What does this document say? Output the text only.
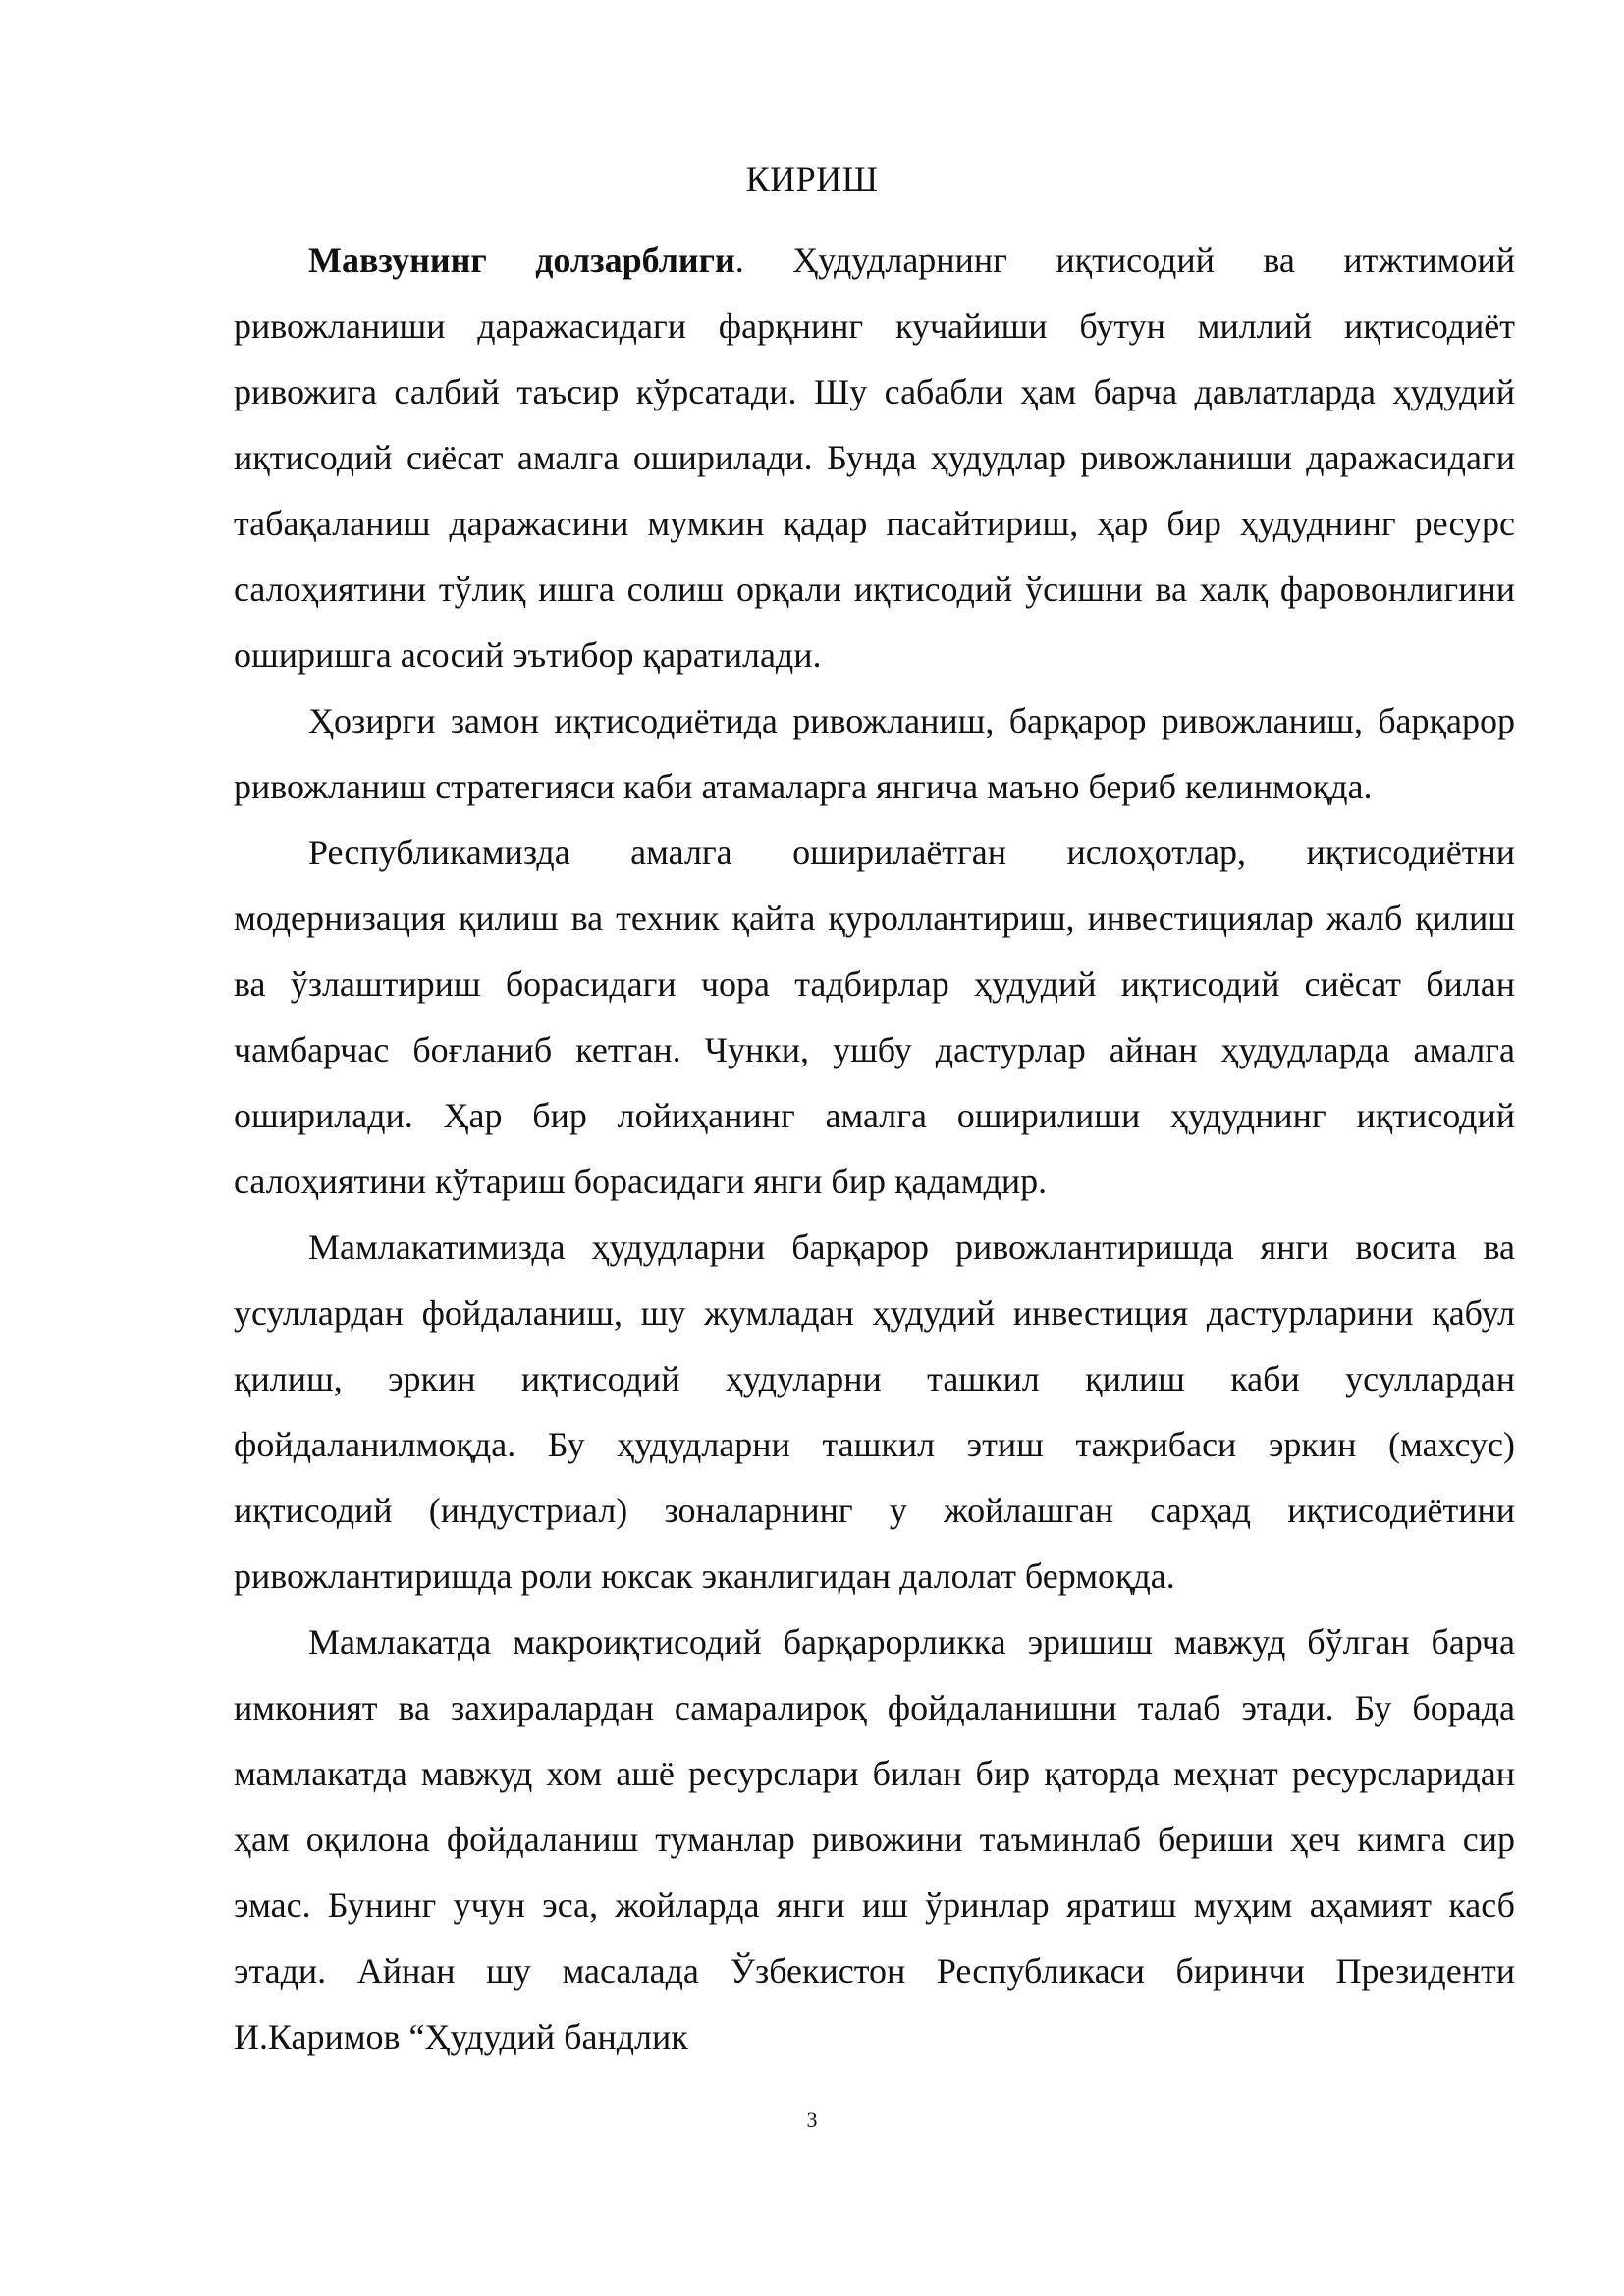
КИРИШ

Мавзунинг долзарблиги. Ҳудудларнинг иқтисодий ва итжтимоий ривожланиши даражасидаги фарқнинг кучайиши бутун миллий иқтисодиёт ривожига салбий таъсир кўрсатади. Шу сабабли ҳам барча давлатларда ҳудудий иқтисодий сиёсат амалга оширилади. Бунда ҳудудлар ривожланиши даражасидаги табақаланиш даражасини мумкин қадар пасайтириш, ҳар бир ҳудуднинг ресурс салоҳиятини тўлиқ ишга солиш орқали иқтисодий ўсишни ва халқ фаровонлигини оширишга асосий эътибор қаратилади.

Ҳозирги замон иқтисодиётида ривожланиш, барқарор ривожланиш, барқарор ривожланиш стратегияси каби атамаларга янгича маъно бериб келинмоқда.

Республикамизда амалга оширилаётган ислоҳотлар, иқтисодиётни модернизация қилиш ва техник қайта қуроллантириш, инвестициялар жалб қилиш ва ўзлаштириш борасидаги чора тадбирлар ҳудудий иқтисодий сиёсат билан чамбарчас боғланиб кетган. Чунки, ушбу дастурлар айнан ҳудудларда амалга оширилади. Ҳар бир лойиҳанинг амалга оширилиши ҳудуднинг иқтисодий салоҳиятини кўтариш борасидаги янги бир қадамдир.

Мамлакатимизда ҳудудларни барқарор ривожлантиришда янги восита ва усуллардан фойдаланиш, шу жумладан ҳудудий инвестиция дастурларини қабул қилиш, эркин иқтисодий ҳудуларни ташкил қилиш каби усуллардан фойдаланилмоқда. Бу ҳудудларни ташкил этиш тажрибаси эркин (махсус) иқтисодий (индустриал) зоналарнинг у жойлашган сарҳад иқтисодиётини ривожлантиришда роли юксак эканлигидан далолат бермоқда.

Мамлакатда макроиқтисодий барқарорликка эришиш мавжуд бўлган барча имконият ва захиралардан самаралироқ фойдаланишни талаб этади. Бу борада мамлакатда мавжуд хом ашё ресурслари билан бир қаторда меҳнат ресурсларидан ҳам оқилона фойдаланиш туманлар ривожини таъминлаб бериши ҳеч кимга сир эмас. Бунинг учун эса, жойларда янги иш ўринлар яратиш муҳим аҳамият касб этади. Айнан шу масалада Ўзбекистон Республикаси биринчи Президенти И.Каримов “Ҳудудий бандлик

3
